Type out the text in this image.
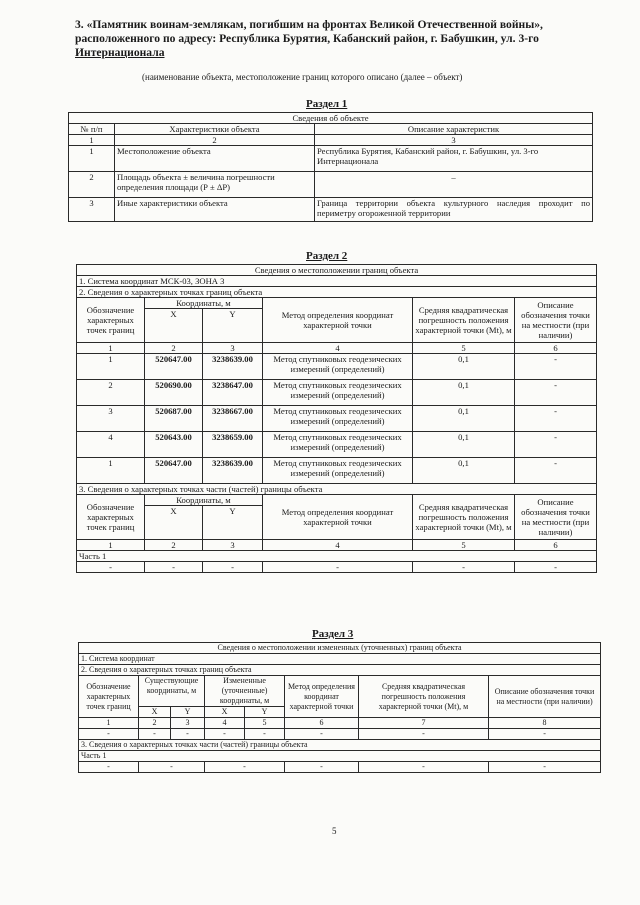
3. «Памятник воинам-землякам, погибшим на фронтах Великой Отечественной войны»,
расположенного по адресу: Республика Бурятия, Кабанский район, г. Бабушкин, ул. 3-го
Интернационала
(наименование объекта, местоположение границ которого описано (далее – объект)
Раздел 1
Сведения об объекте		
№ п/п	Характеристики объекта	Описание характеристик
1	2	3
1	Местоположение объекта	Республика Бурятия, Кабанский район, г. Бабушкин, ул. 3-го Интернационала
2	Площадь объекта ± величина погрешности определения площади (Р ± ΔР)	–
3	Иные характеристики объекта	Граница территории объекта культурного наследия проходит по периметру огороженной территории
Раздел 2
Сведения о местоположении границ объекта					
1. Система координат МСК-03, ЗОНА 3					
2. Сведения о характерных точках границ объекта					
Обозначение характерных точек границ	Координаты, м		Метод определения координат характерной точки	Средняя квадратическая погрешность положения характерной точки (Mt), м	Описание обозначения точки на местности (при наличии)
	X	Y			
1	2	3	4	5	6
1	520647.00	3238639.00	Метод спутниковых геодезических измерений (определений)	0,1	-
2	520690.00	3238647.00	Метод спутниковых геодезических измерений (определений)	0,1	-
3	520687.00	3238667.00	Метод спутниковых геодезических измерений (определений)	0,1	-
4	520643.00	3238659.00	Метод спутниковых геодезических измерений (определений)	0,1	-
1	520647.00	3238639.00	Метод спутниковых геодезических измерений (определений)	0,1	-
3. Сведения о характерных точках части (частей) границы объекта					
Обозначение характерных точек границ	Координаты, м		Метод определения координат характерной точки	Средняя квадратическая погрешность положения характерной точки (Mt), м	Описание обозначения точки на местности (при наличии)
	X	Y			
1	2	3	4	5	6
Часть 1					
-	-	-	-	-	-
Раздел 3
Сведения о местоположении измененных (уточненных) границ объекта							
1. Система координат							
2. Сведения о характерных точках границ объекта							
Обозначение характерных точек границ	Существующие координаты, м		Измененные (уточненные) координаты, м		Метод определения координат характерной точки	Средняя квадратическая погрешность положения характерной точки (Mt), м	Описание обозначения точки на местности (при наличии)
	X	Y	X	Y			
1	2	3	4	5	6	7	8
-	-	-	-	-	-	-	-
3. Сведения о характерных точках части (частей) границы объекта							
Часть 1							
-	-		-		-	-	-
5
